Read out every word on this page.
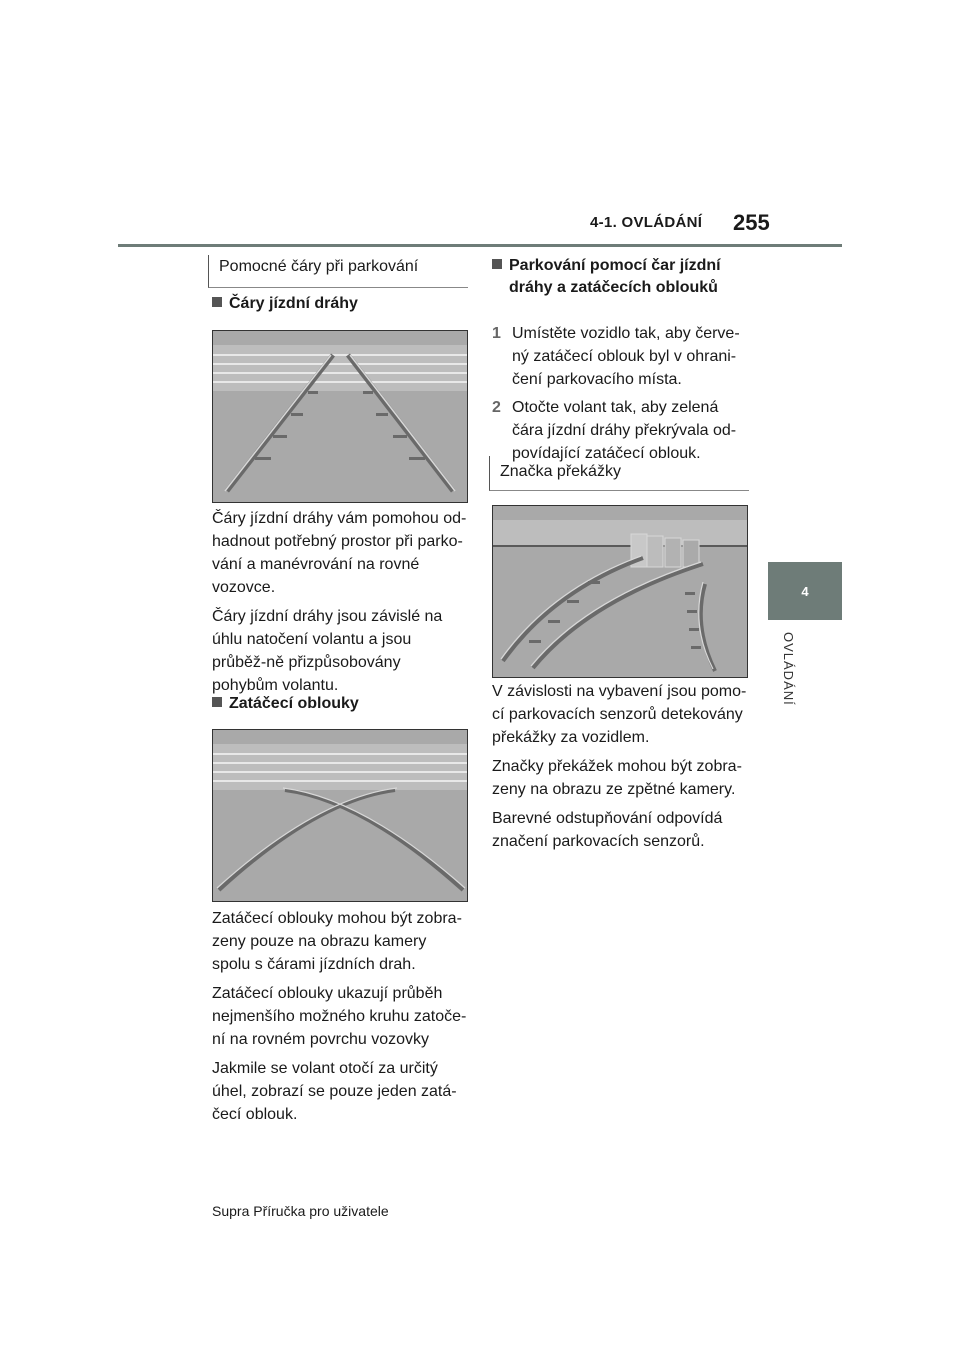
4-1. OVLÁDÁNÍ 255
4
OVLÁDÁNÍ
Pomocné čáry při parkování
Čáry jízdní dráhy

Čáry jízdní dráhy vám pomohou od-hadnout potřebný prostor při parko-vání a manévrování na rovné vozovce.

Čáry jízdní dráhy jsou závislé na úhlu natočení volantu a jsou průběž-ně přizpůsobovány pohybům volantu.

Zatáčecí oblouky

Zatáčecí oblouky mohou být zobra-zeny pouze na obrazu kamery spolu s čárami jízdních drah.

Zatáčecí oblouky ukazují průběh nejmenšího možného kruhu zatoče-ní na rovném povrchu vozovky

Jakmile se volant otočí za určitý úhel, zobrazí se pouze jeden zatá-čecí oblouk.

Parkování pomocí čar jízdní dráhy a zatáčecích oblouků
1 Umístěte vozidlo tak, aby červe-ný zatáčecí oblouk byl v ohrani-čení parkovacího místa.
2 Otočte volant tak, aby zelená čára jízdní dráhy překrývala od-povídající zatáčecí oblouk.
Značka překážky

V závislosti na vybavení jsou pomo-cí parkovacích senzorů detekovány překážky za vozidlem.

Značky překážek mohou být zobra-zeny na obrazu ze zpětné kamery.

Barevné odstupňování odpovídá značení parkovacích senzorů.

Supra Příručka pro uživatele
